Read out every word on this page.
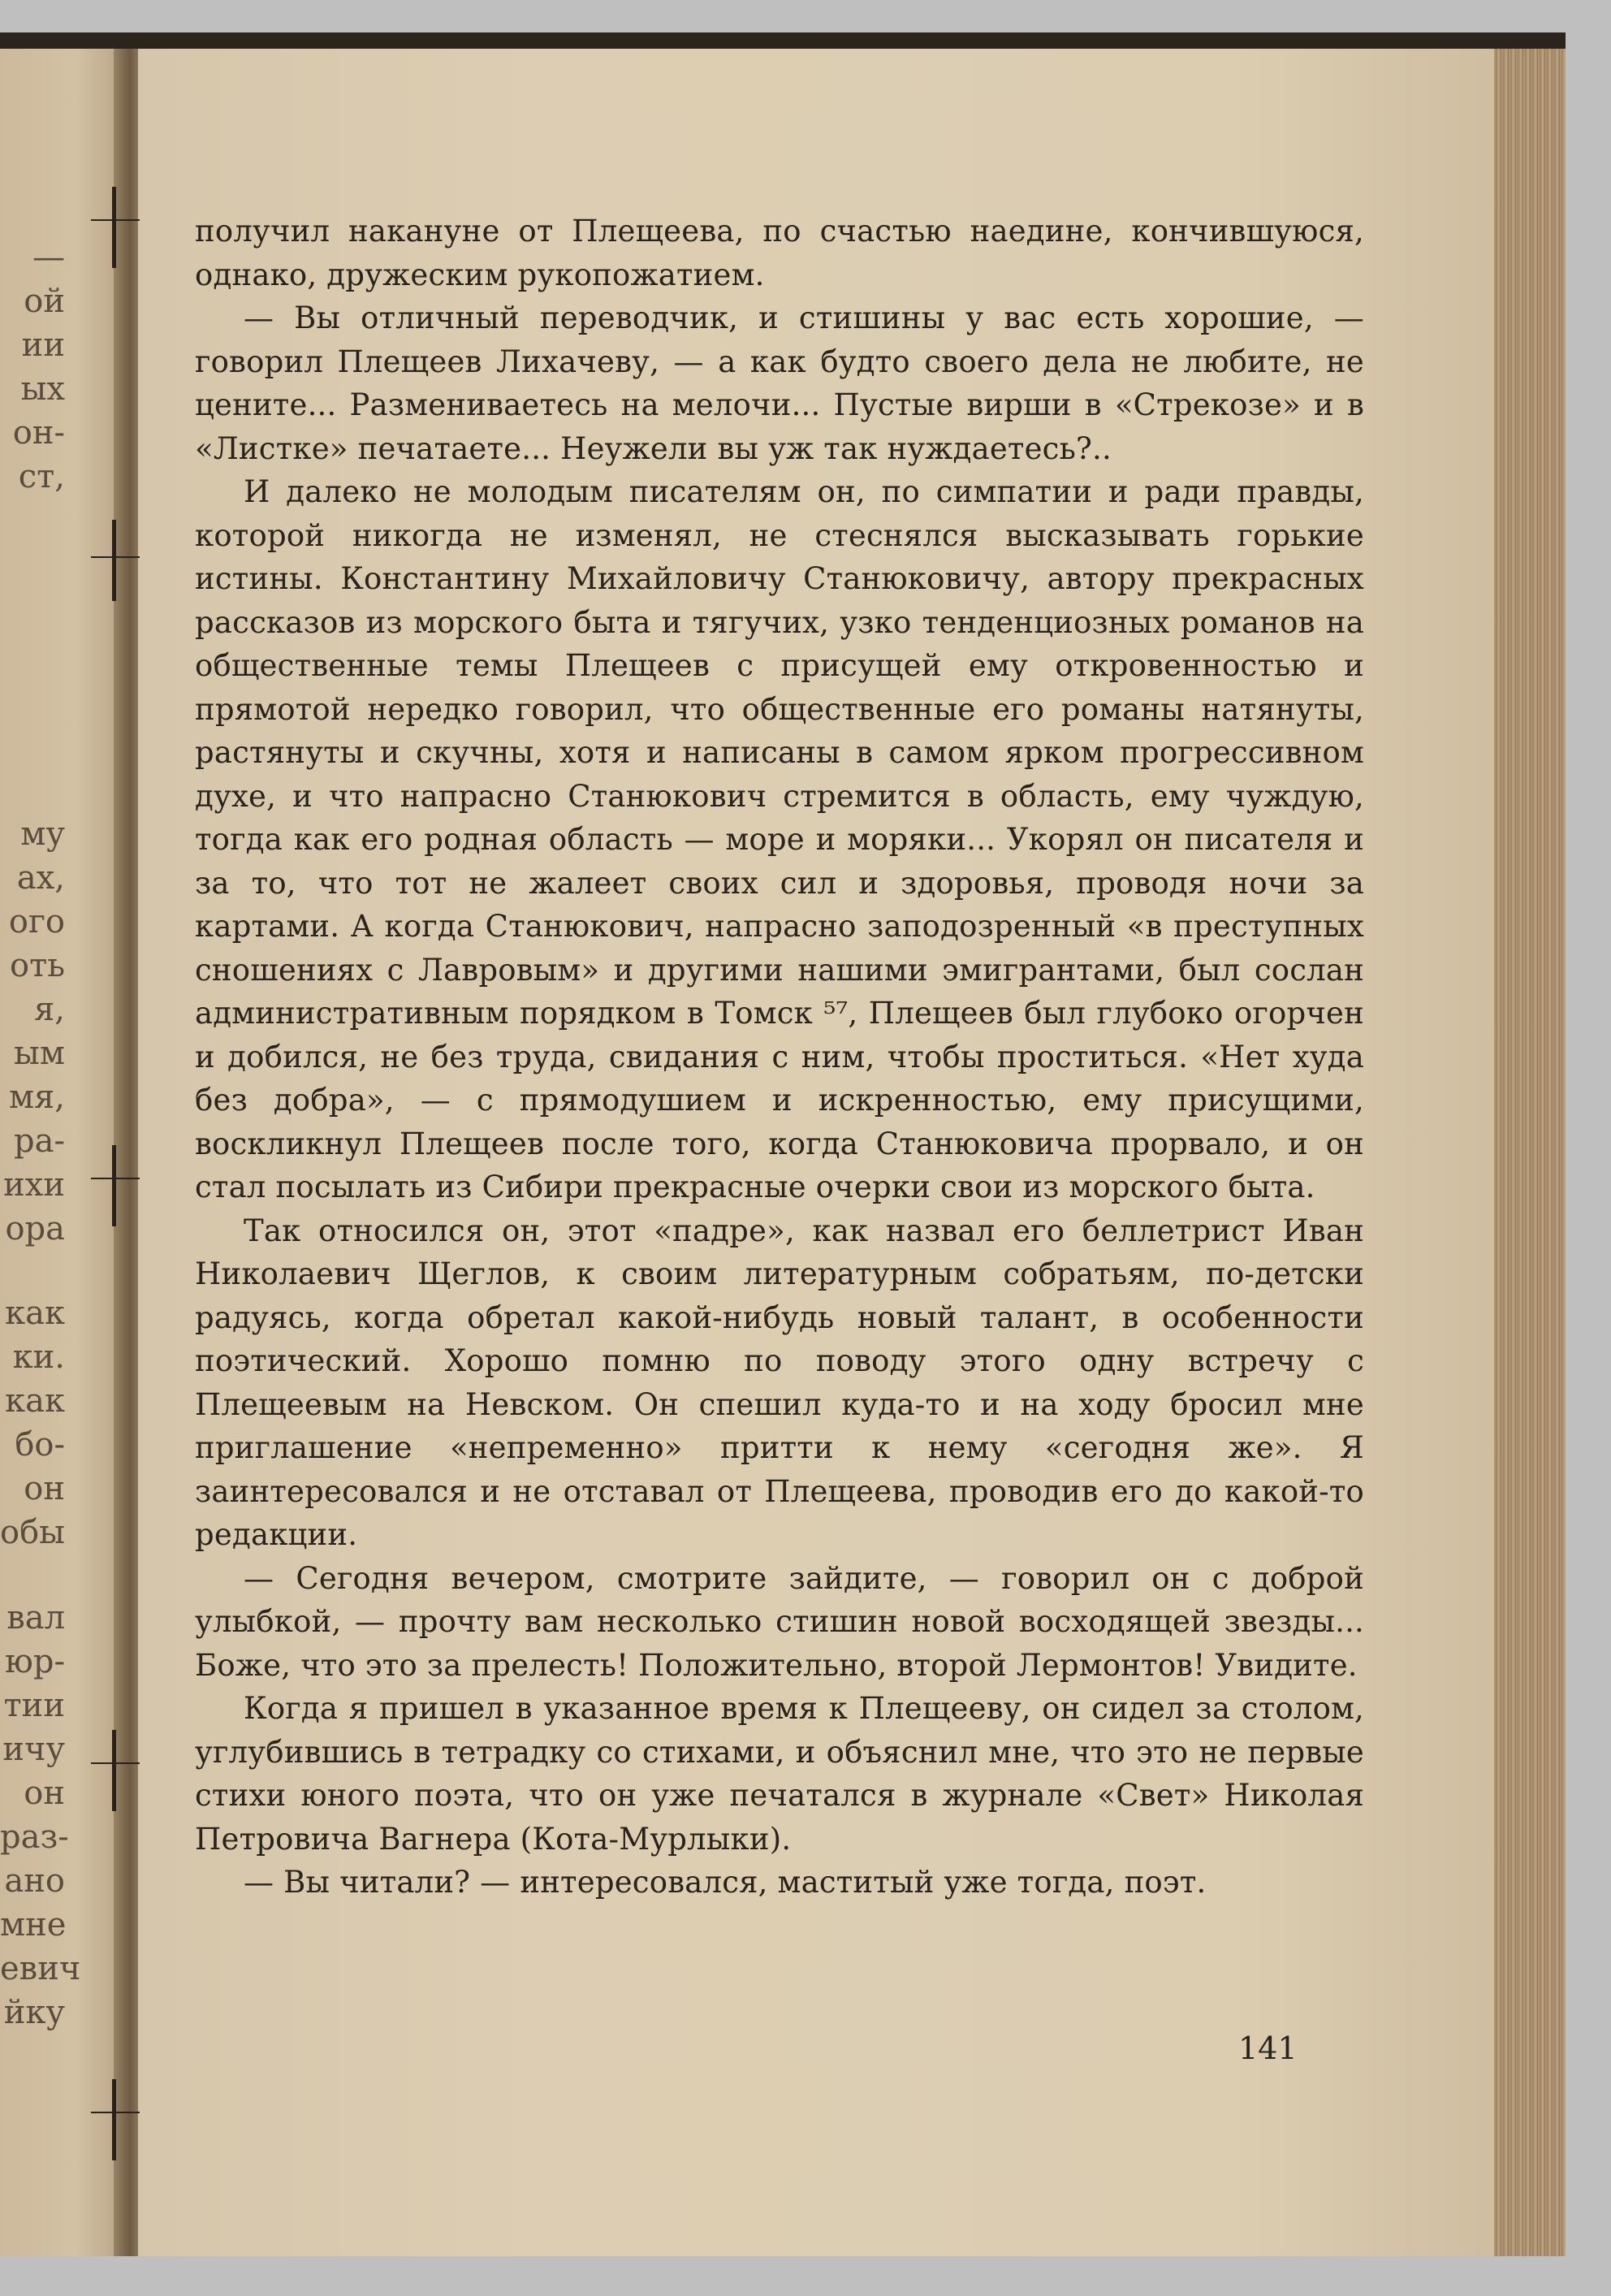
—
ой
ии
ых
он-
ст,
му
ах,
ого
оть
я,
ым
мя,
ра-
ихи
ора
как
ки.
как
бо-
он
обы
вал
юр-
тии
ичу
он
раз-
ано
мне
евич
йку

получил накануне от Плещеева, по счастью наедине, кончившуюся, однако, дружеским рукопожатием.

— Вы отличный переводчик, и стишины у вас есть хорошие, — говорил Плещеев Лихачеву, — а как будто своего дела не любите, не цените... Размениваетесь на мелочи... Пустые вирши в «Стрекозе» и в «Листке» печатаете... Неужели вы уж так нуждаетесь?..

И далеко не молодым писателям он, по симпатии и ради правды, которой никогда не изменял, не стеснялся высказывать горькие истины. Константину Михайловичу Станюковичу, автору прекрасных рассказов из морского быта и тягучих, узко тенденциозных романов на общественные темы Плещеев с присущей ему откровенностью и прямотой нередко говорил, что общественные его романы натянуты, растянуты и скучны, хотя и написаны в самом ярком прогрессивном духе, и что напрасно Станюкович стремится в область, ему чуждую, тогда как его родная область — море и моряки... Укорял он писателя и за то, что тот не жалеет своих сил и здоровья, проводя ночи за картами. А когда Станюкович, напрасно заподозренный «в преступных сношениях с Лавровым» и другими нашими эмигрантами, был сослан административным порядком в Томск ⁵⁷, Плещеев был глубоко огорчен и добился, не без труда, свидания с ним, чтобы проститься. «Нет худа без добра», — с прямодушием и искренностью, ему присущими, воскликнул Плещеев после того, когда Станюковича прорвало, и он стал посылать из Сибири прекрасные очерки свои из морского быта.

Так относился он, этот «падре», как назвал его беллетрист Иван Николаевич Щеглов, к своим литературным собратьям, по-детски радуясь, когда обретал какой-нибудь новый талант, в особенности поэтический. Хорошо помню по поводу этого одну встречу с Плещеевым на Невском. Он спешил куда-то и на ходу бросил мне приглашение «непременно» притти к нему «сегодня же». Я заинтересовался и не отставал от Плещеева, проводив его до какой-то редакции.

— Сегодня вечером, смотрите зайдите, — говорил он с доброй улыбкой, — прочту вам несколько стишин новой восходящей звезды... Боже, что это за прелесть! Положительно, второй Лермонтов! Увидите.

Когда я пришел в указанное время к Плещееву, он сидел за столом, углубившись в тетрадку со стихами, и объяснил мне, что это не первые стихи юного поэта, что он уже печатался в журнале «Свет» Николая Петровича Вагнера (Кота-Мурлыки).

— Вы читали? — интересовался, маститый уже тогда, поэт.

141
